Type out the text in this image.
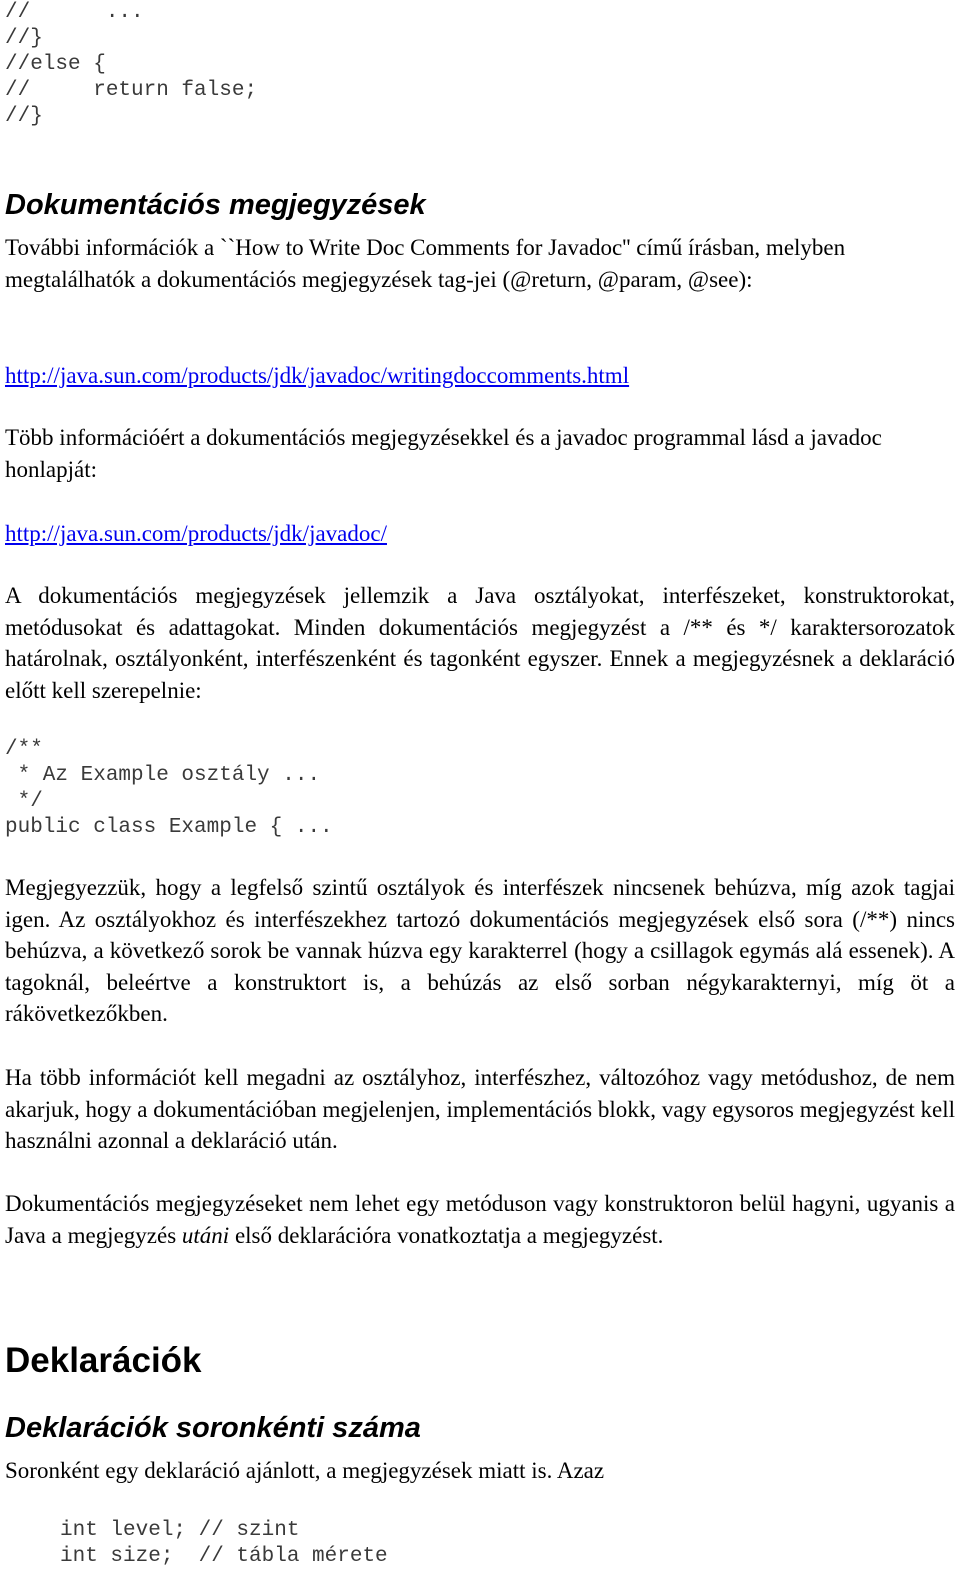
//      ...
//}
//else {
//     return false;
//}
Dokumentációs megjegyzések

További információk a ``How to Write Doc Comments for Javadoc'' című írásban, melyben megtalálhatók a dokumentációs megjegyzések tag-jei (@return, @param, @see):

http://java.sun.com/products/jdk/javadoc/writingdoccomments.html

Több információért a dokumentációs megjegyzésekkel és a javadoc programmal lásd a javadoc honlapját:

http://java.sun.com/products/jdk/javadoc/

A dokumentációs megjegyzések jellemzik a Java osztályokat, interfészeket, konstruktorokat, metódusokat és adattagokat. Minden dokumentációs megjegyzést a /** és */ karaktersorozatok határolnak, osztályonként, interfészenként és tagonként egyszer. Ennek a megjegyzésnek a deklaráció előtt kell szerepelnie:

/**
* Az Example osztály ...
*/
public class Example { ...

Megjegyezzük, hogy a legfelső szintű osztályok és interfészek nincsenek behúzva, míg azok tagjai igen. Az osztályokhoz és interfészekhez tartozó dokumentációs megjegyzések első sora (/**) nincs behúzva, a következő sorok be vannak húzva egy karakterrel (hogy a csillagok egymás alá essenek). A tagoknál, beleértve a konstruktort is, a behúzás az első sorban négykarakternyi, míg öt a rákövetkezőkben.

Ha több információt kell megadni az osztályhoz, interfészhez, változóhoz vagy metódushoz, de nem akarjuk, hogy a dokumentációban megjelenjen, implementációs blokk, vagy egysoros megjegyzést kell használni azonnal a deklaráció után.

Dokumentációs megjegyzéseket nem lehet egy metóduson vagy konstruktoron belül hagyni, ugyanis a Java a megjegyzés utáni első deklarációra vonatkoztatja a megjegyzést.

Deklarációk
Deklarációk soronkénti száma

Soronként egy deklaráció ajánlott, a megjegyzések miatt is. Azaz

int level; // szint
int size;  // tábla mérete
